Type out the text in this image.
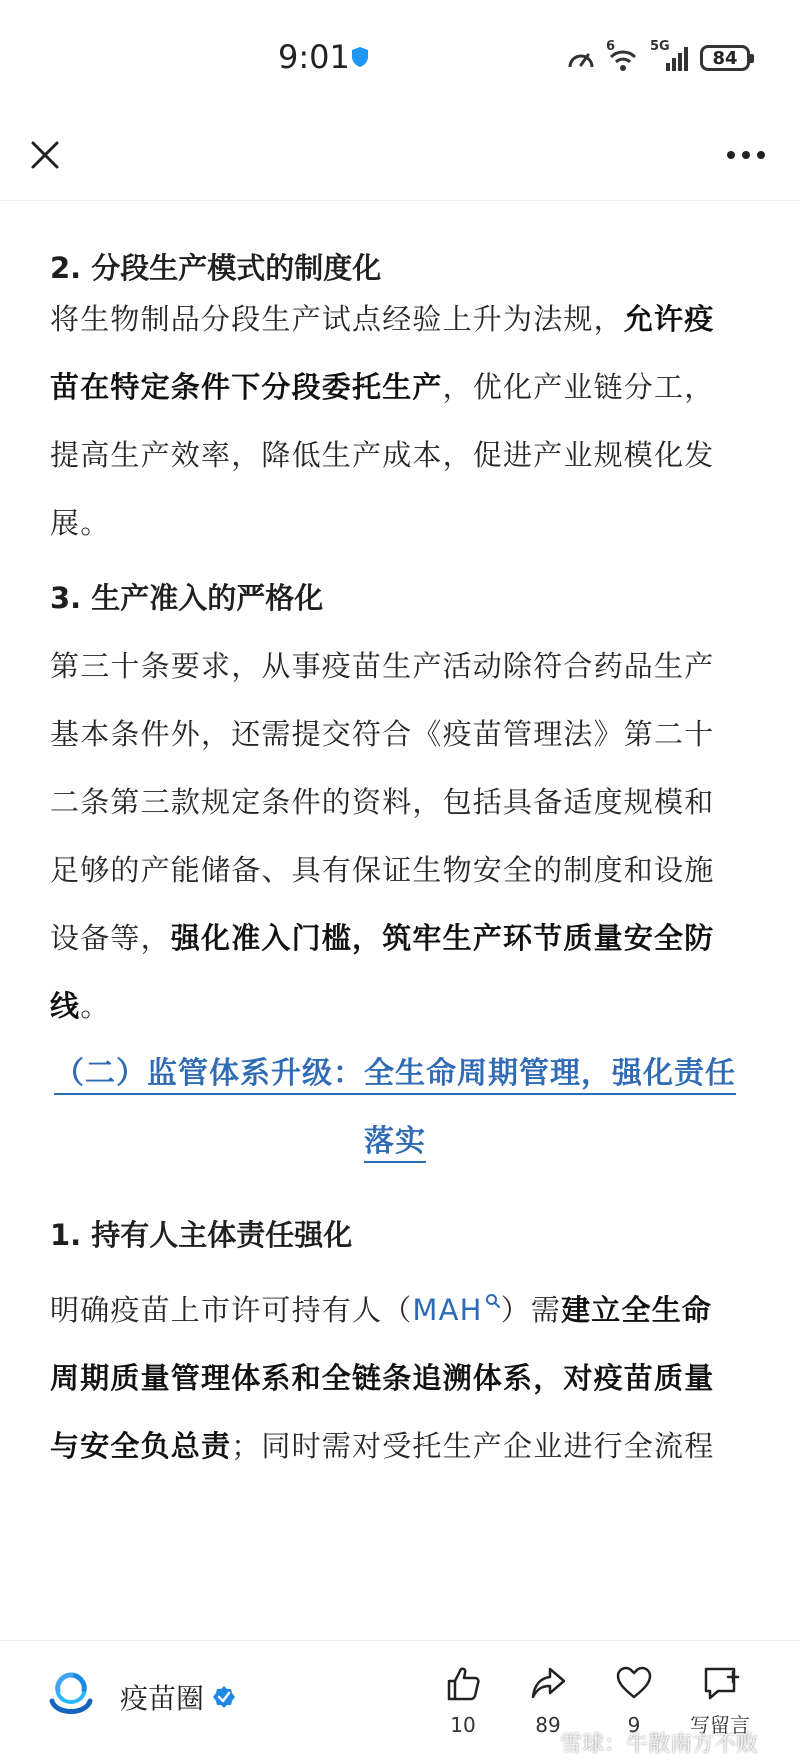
9:01	6	5G
84
2. 分段生产模式的制度化

将生物制品分段生产试点经验上升为法规，允许疫苗在特定条件下分段委托生产，优化产业链分工，提高生产效率，降低生产成本，促进产业规模化发展。

3. 生产准入的严格化

第三十条要求，从事疫苗生产活动除符合药品生产基本条件外，还需提交符合《疫苗管理法》第二十二条第三款规定条件的资料，包括具备适度规模和足够的产能储备、具有保证生物安全的制度和设施设备等，强化准入门槛，筑牢生产环节质量安全防线。

（二）监管体系升级：全生命周期管理，强化责任落实
1. 持有人主体责任强化

明确疫苗上市许可持有人（MAH ）需建立全生命周期质量管理体系和全链条追溯体系，对疫苗质量与安全负总责；同时需对受托生产企业进行全流程

疫苗圈
10	89	9 写留言
雪球：牛散南方不败
